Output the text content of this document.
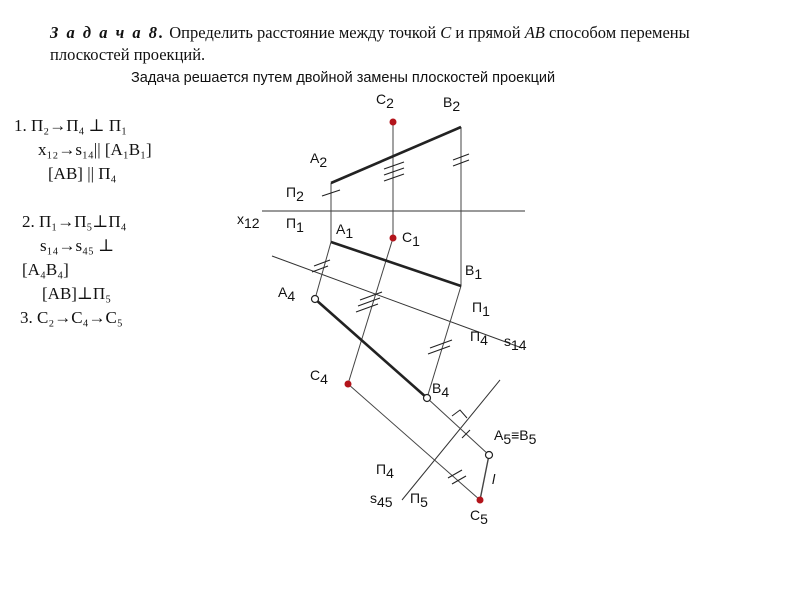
З а д а ч а 8. Определить расстояние между точкой C и прямой AB способом перемены
плоскостей проекций.
Задача решается путем двойной замены плоскостей проекций
1. П₂→П₄ ⊥ П₁
x₁₂→s₁₄|| [A₁B₁]
[AB] || П₄
2. П₁→П₅⊥П₄
s₁₄→s₄₅ ⊥
[A₄B₄]
[AB]⊥П₅
3. C₂→C₄→C₅
C2	B2
A2
П2
x12 П1 A1	C1
B1
A4
П1
П4 s14
C4
B4
A5≡B5
l
П4
s45 П5
C5
